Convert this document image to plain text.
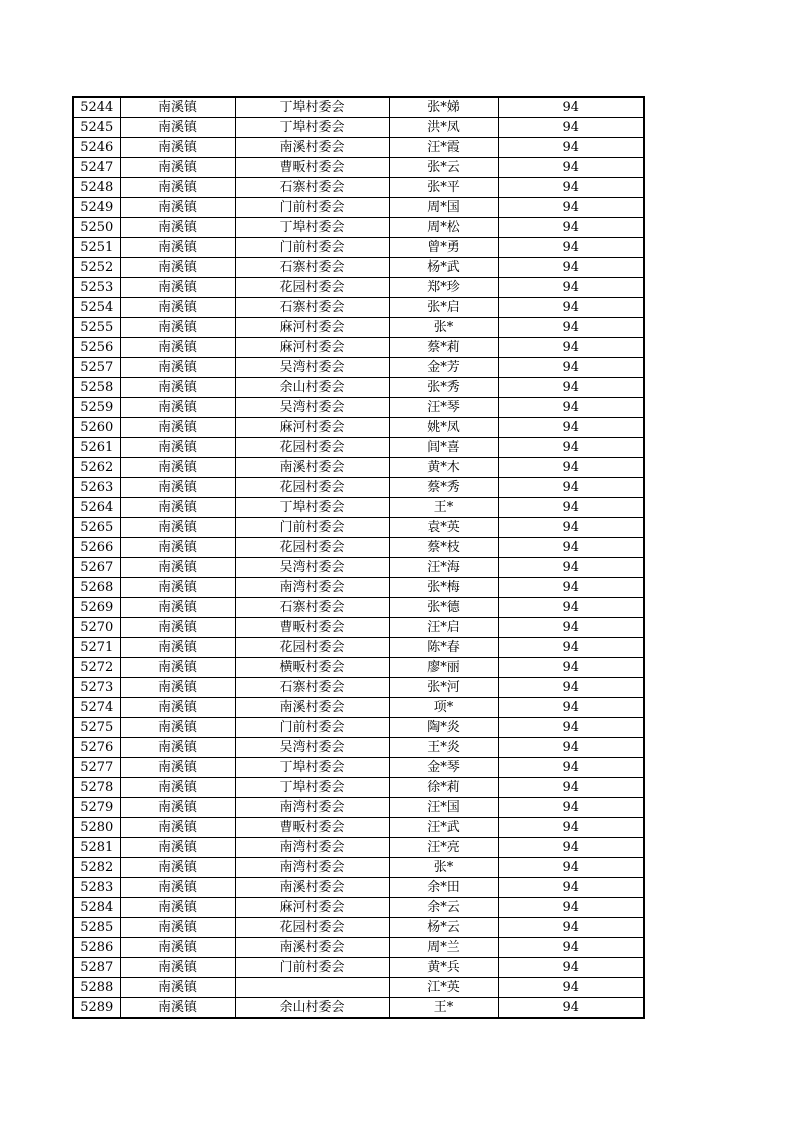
5244	南溪镇	丁埠村委会	张*娣	94
5245	南溪镇	丁埠村委会	洪*凤	94
5246	南溪镇	南溪村委会	汪*霞	94
5247	南溪镇	曹畈村委会	张*云	94
5248	南溪镇	石寨村委会	张*平	94
5249	南溪镇	门前村委会	周*国	94
5250	南溪镇	丁埠村委会	周*松	94
5251	南溪镇	门前村委会	曾*勇	94
5252	南溪镇	石寨村委会	杨*武	94
5253	南溪镇	花园村委会	郑*珍	94
5254	南溪镇	石寨村委会	张*启	94
5255	南溪镇	麻河村委会	张*	94
5256	南溪镇	麻河村委会	蔡*莉	94
5257	南溪镇	吴湾村委会	金*芳	94
5258	南溪镇	余山村委会	张*秀	94
5259	南溪镇	吴湾村委会	汪*琴	94
5260	南溪镇	麻河村委会	姚*凤	94
5261	南溪镇	花园村委会	闾*喜	94
5262	南溪镇	南溪村委会	黄*木	94
5263	南溪镇	花园村委会	蔡*秀	94
5264	南溪镇	丁埠村委会	王*	94
5265	南溪镇	门前村委会	袁*英	94
5266	南溪镇	花园村委会	蔡*枝	94
5267	南溪镇	吴湾村委会	汪*海	94
5268	南溪镇	南湾村委会	张*梅	94
5269	南溪镇	石寨村委会	张*德	94
5270	南溪镇	曹畈村委会	汪*启	94
5271	南溪镇	花园村委会	陈*春	94
5272	南溪镇	横畈村委会	廖*丽	94
5273	南溪镇	石寨村委会	张*河	94
5274	南溪镇	南溪村委会	项*	94
5275	南溪镇	门前村委会	陶*炎	94
5276	南溪镇	吴湾村委会	王*炎	94
5277	南溪镇	丁埠村委会	金*琴	94
5278	南溪镇	丁埠村委会	徐*莉	94
5279	南溪镇	南湾村委会	汪*国	94
5280	南溪镇	曹畈村委会	汪*武	94
5281	南溪镇	南湾村委会	汪*亮	94
5282	南溪镇	南湾村委会	张*	94
5283	南溪镇	南溪村委会	余*田	94
5284	南溪镇	麻河村委会	余*云	94
5285	南溪镇	花园村委会	杨*云	94
5286	南溪镇	南溪村委会	周*兰	94
5287	南溪镇	门前村委会	黄*兵	94
5288	南溪镇		江*英	94
5289	南溪镇	余山村委会	王*	94
